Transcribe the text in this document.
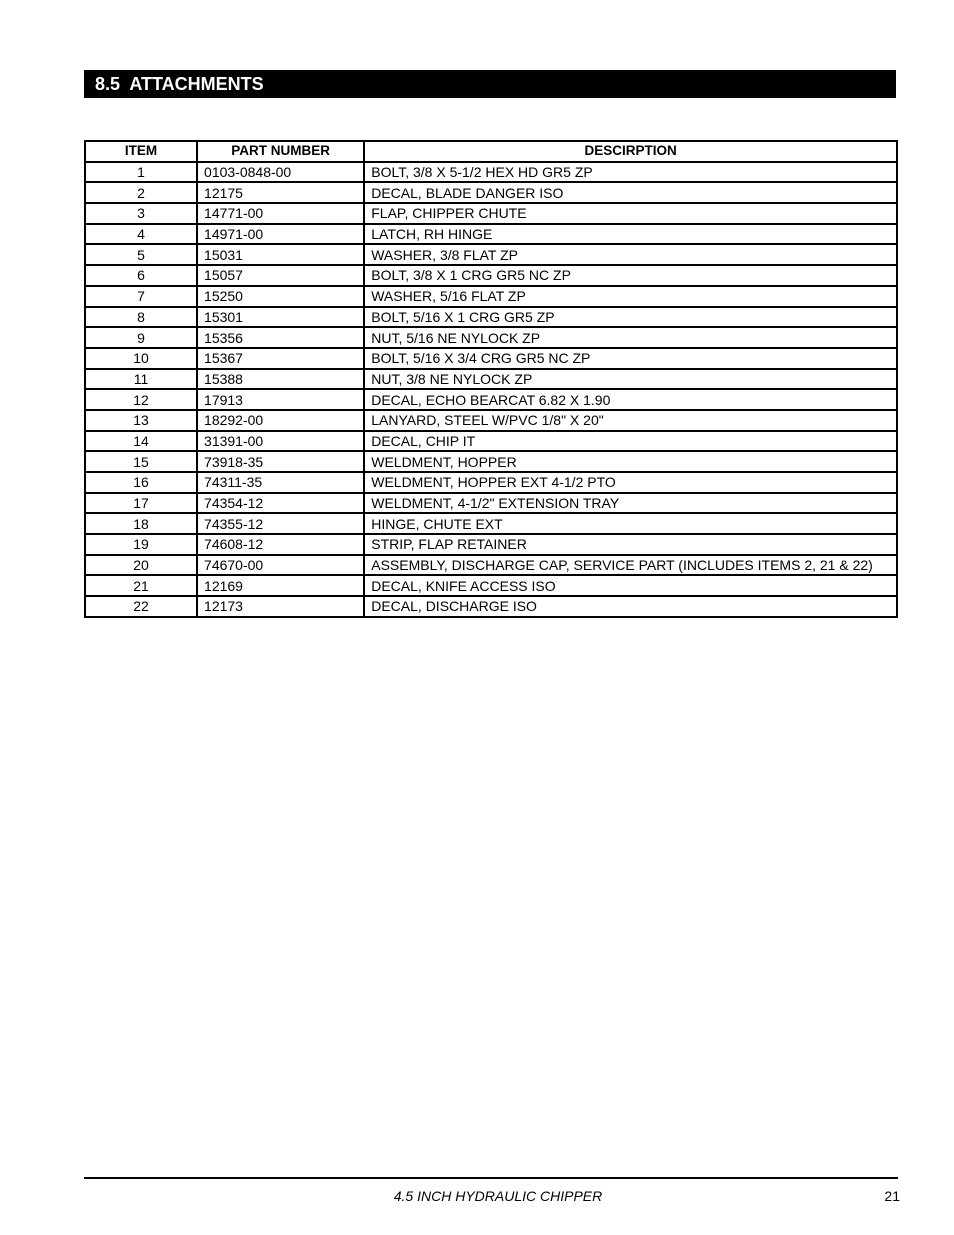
8.5  ATTACHMENTS
ITEM	PART NUMBER	DESCIRPTION
1	0103-0848-00	BOLT, 3/8 X 5-1/2 HEX HD GR5 ZP
2	12175	DECAL, BLADE DANGER ISO
3	14771-00	FLAP, CHIPPER CHUTE
4	14971-00	LATCH, RH HINGE
5	15031	WASHER, 3/8 FLAT ZP
6	15057	BOLT, 3/8 X 1 CRG GR5 NC ZP
7	15250	WASHER, 5/16 FLAT ZP
8	15301	BOLT, 5/16 X 1 CRG GR5 ZP
9	15356	NUT, 5/16 NE NYLOCK ZP
10	15367	BOLT, 5/16 X 3/4 CRG GR5 NC ZP
11	15388	NUT, 3/8 NE NYLOCK ZP
12	17913	DECAL, ECHO BEARCAT 6.82 X 1.90
13	18292-00	LANYARD, STEEL W/PVC 1/8" X 20"
14	31391-00	DECAL, CHIP IT
15	73918-35	WELDMENT, HOPPER
16	74311-35	WELDMENT, HOPPER EXT 4-1/2 PTO
17	74354-12	WELDMENT, 4-1/2" EXTENSION TRAY
18	74355-12	HINGE, CHUTE EXT
19	74608-12	STRIP, FLAP RETAINER
20	74670-00	ASSEMBLY, DISCHARGE CAP, SERVICE PART (INCLUDES ITEMS 2, 21 & 22)
21	12169	DECAL, KNIFE ACCESS ISO
22	12173	DECAL, DISCHARGE ISO
4.5 INCH HYDRAULIC CHIPPER	21
